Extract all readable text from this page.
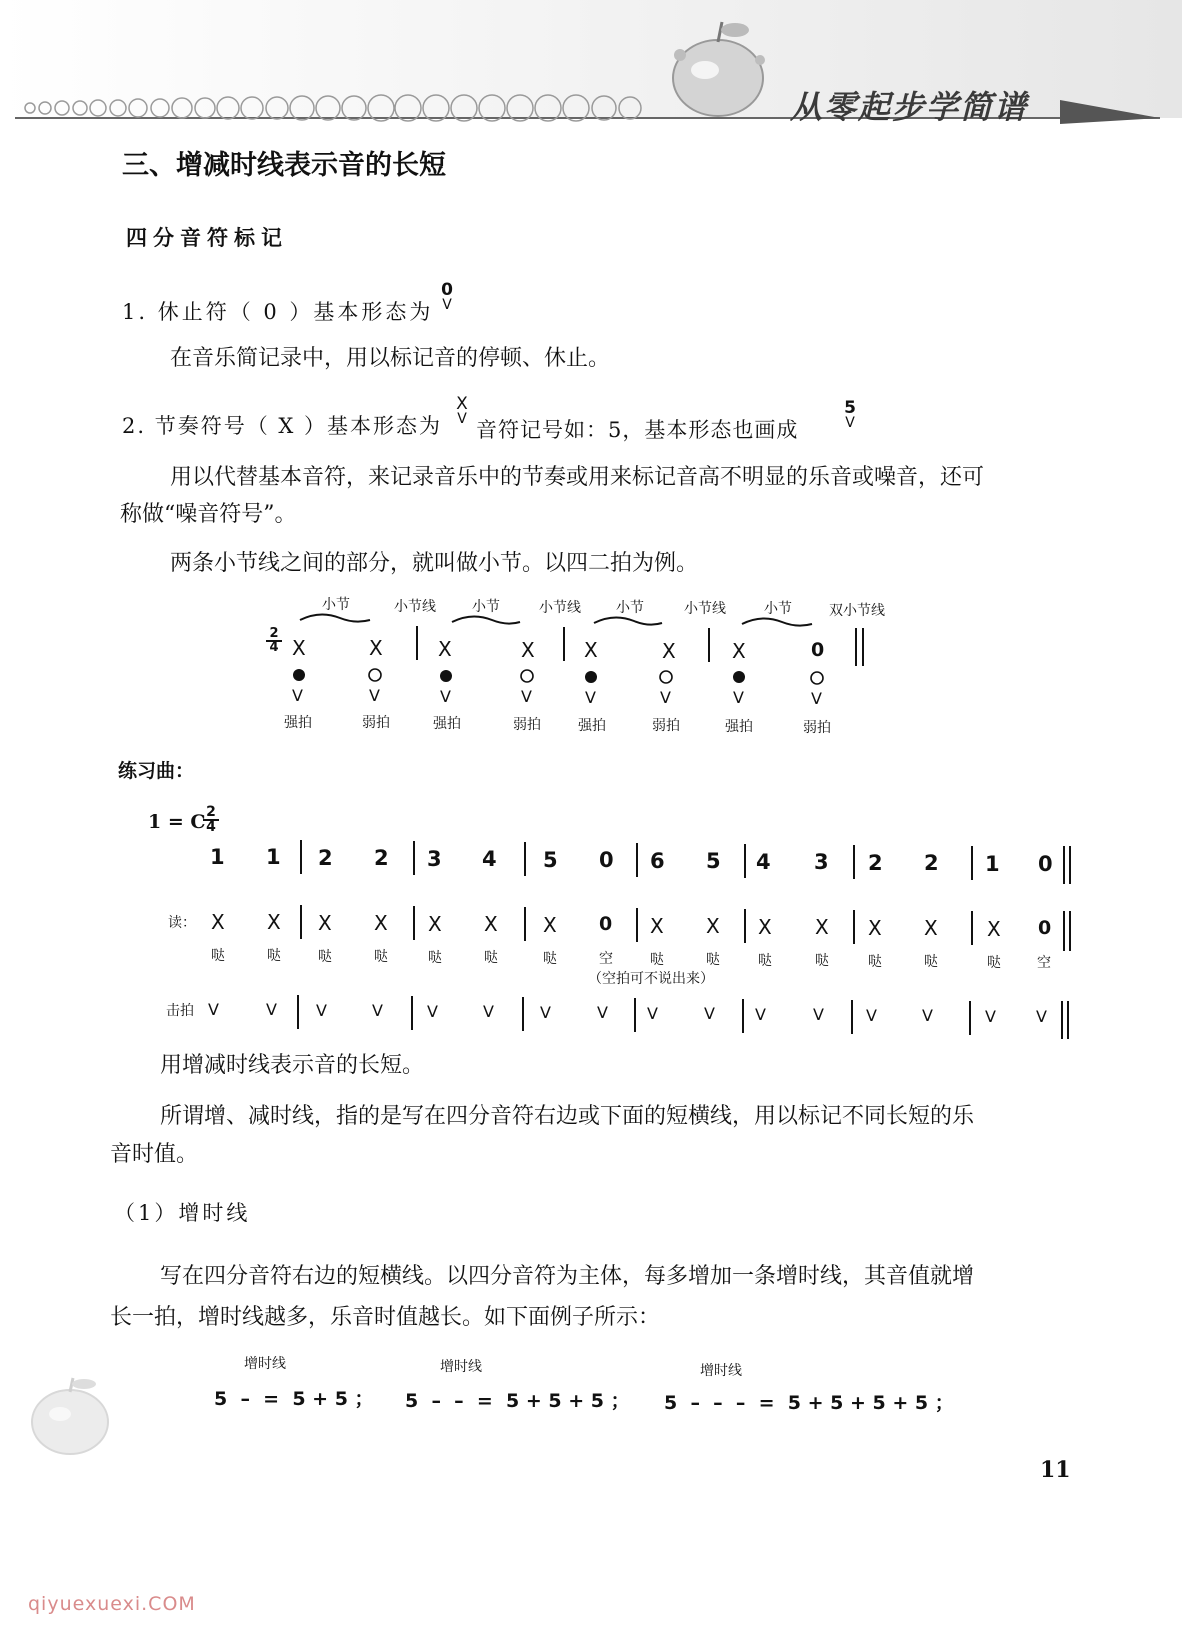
从零起步学简谱
三、增减时线表示音的长短
四分音符标记
1. 休止符（ 0 ）基本形态为
0
V
在音乐简记录中，用以标记音的停顿、休止。
2. 节奏符号（ X ）基本形态为
X
V 音符记号如：5，基本形态也画成
5
V
用以代替基本音符，来记录音乐中的节奏或用来标记音高不明显的乐音或噪音，还可
称做“噪音符号”。
两条小节线之间的部分，就叫做小节。以四二拍为例。
小节	小节线	小节	小节线	小节	小节线	小节	双小节线
2
4 X	X	X	X X	X	X	0
V	V	V	V	V	V	V	V
强拍	弱拍	强拍	弱拍	强拍	弱拍	强拍	弱拍
练习曲：
1 = C 2
4
1 1 2 2 3 4 5 0 6 5 4 3 2 2 1 0
读： X X X X X X X 0 X X X X X X X 0
哒	哒	哒	哒	哒	哒	哒	空	哒	哒	哒	哒	哒	哒	哒	空
（空拍可不说出来）
击拍 V	V V	V	V	V	V	V V	V	V	V	V	V	V	V
用增减时线表示音的长短。
所谓增、减时线，指的是写在四分音符右边或下面的短横线，用以标记不同长短的乐
音时值。
（1）增时线
写在四分音符右边的短横线。以四分音符为主体，每多增加一条增时线，其音值就增
长一拍，增时线越多，乐音时值越长。如下面例子所示：
增时线	增时线	增时线
5  –  =  5 + 5 ； 5  –  –  =  5 + 5 + 5 ； 5  –  –  –  =  5 + 5 + 5 + 5 ；
11
qiyuexuexi.COM
